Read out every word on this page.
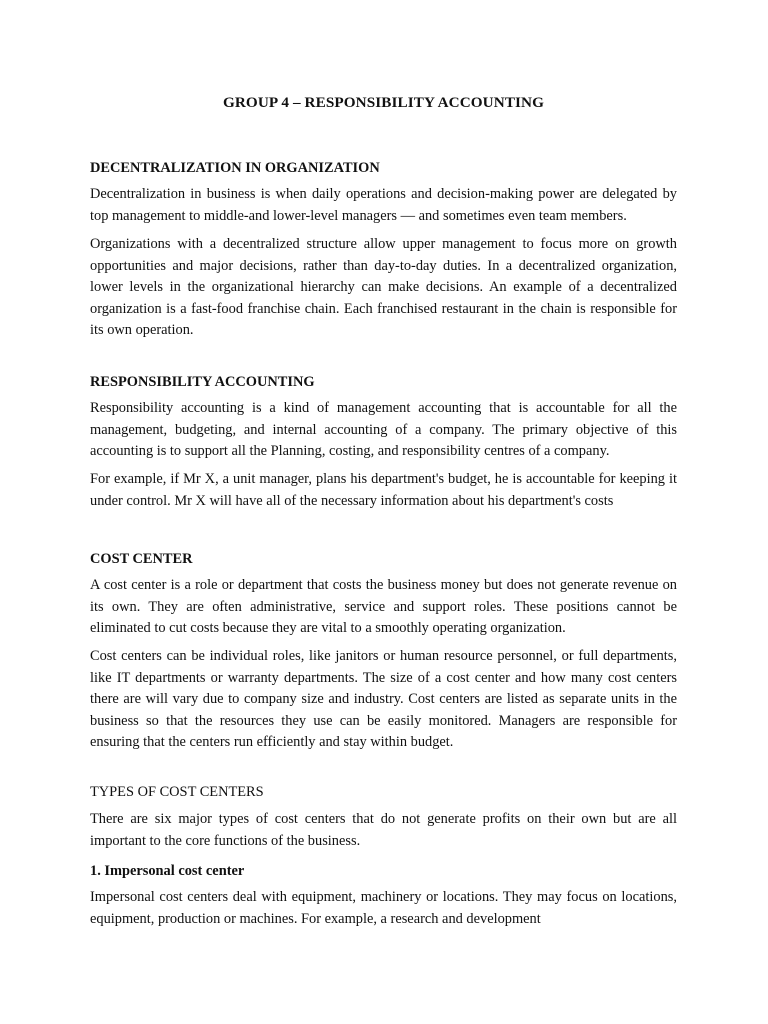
GROUP 4 – RESPONSIBILITY ACCOUNTING
DECENTRALIZATION IN ORGANIZATION

Decentralization in business is when daily operations and decision-making power are delegated by top management to middle-and lower-level managers — and sometimes even team members.

Organizations with a decentralized structure allow upper management to focus more on growth opportunities and major decisions, rather than day-to-day duties. In a decentralized organization, lower levels in the organizational hierarchy can make decisions. An example of a decentralized organization is a fast-food franchise chain. Each franchised restaurant in the chain is responsible for its own operation.

RESPONSIBILITY ACCOUNTING

Responsibility accounting is a kind of management accounting that is accountable for all the management, budgeting, and internal accounting of a company. The primary objective of this accounting is to support all the Planning, costing, and responsibility centres of a company.

For example, if Mr X, a unit manager, plans his department's budget, he is accountable for keeping it under control. Mr X will have all of the necessary information about his department's costs

COST CENTER

A cost center is a role or department that costs the business money but does not generate revenue on its own. They are often administrative, service and support roles. These positions cannot be eliminated to cut costs because they are vital to a smoothly operating organization.

Cost centers can be individual roles, like janitors or human resource personnel, or full departments, like IT departments or warranty departments. The size of a cost center and how many cost centers there are will vary due to company size and industry. Cost centers are listed as separate units in the business so that the resources they use can be easily monitored. Managers are responsible for ensuring that the centers run efficiently and stay within budget.

TYPES OF COST CENTERS

There are six major types of cost centers that do not generate profits on their own but are all important to the core functions of the business.

1. Impersonal cost center

Impersonal cost centers deal with equipment, machinery or locations. They may focus on locations, equipment, production or machines. For example, a research and development
